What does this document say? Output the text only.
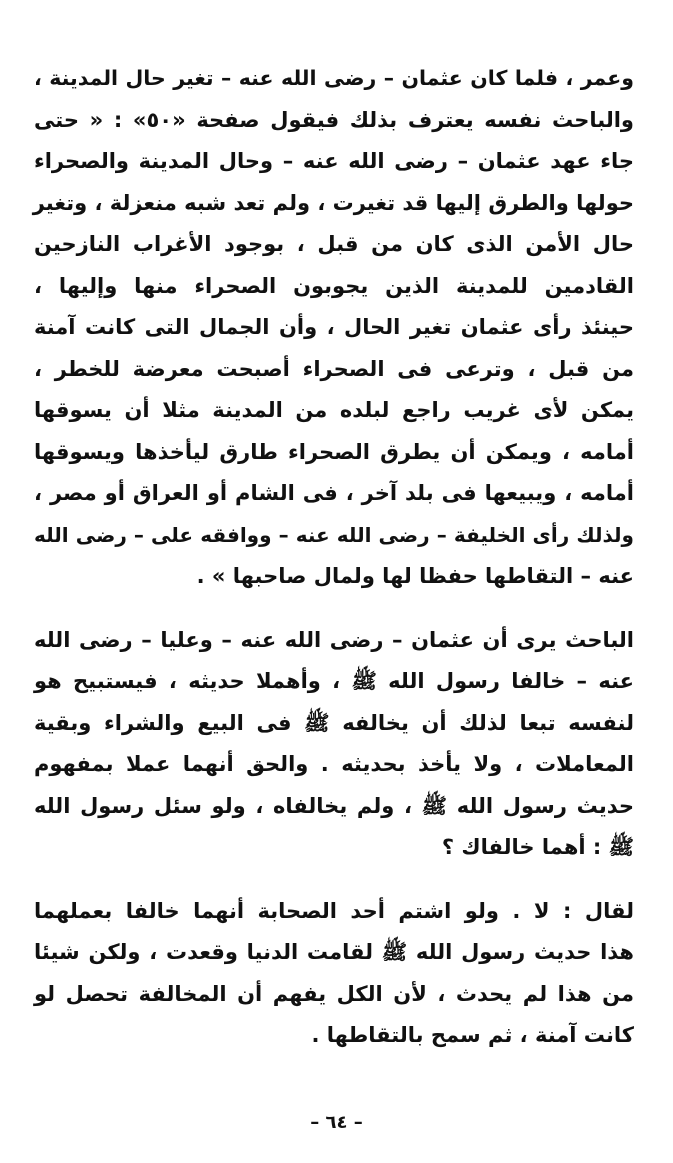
وعمر ، فلما كان عثمان – رضى الله عنه – تغير حال المدينة ،
والباحث نفسه يعترف بذلك فيقول صفحة «٥٠» : « حتى
جاء عهد عثمان – رضى الله عنه – وحال المدينة والصحراء
حولها والطرق إليها قد تغيرت ، ولم تعد شبه منعزلة ، وتغير
حال الأمن الذى كان من قبل ، بوجود الأغراب النازحين
القادمين للمدينة الذين يجوبون الصحراء منها وإليها ،
حينئذ رأى عثمان تغير الحال ، وأن الجمال التى كانت آمنة
من قبل ، وترعى فى الصحراء أصبحت معرضة للخطر ،
يمكن لأى غريب راجع لبلده من المدينة مثلا أن يسوقها
أمامه ، ويمكن أن يطرق الصحراء طارق ليأخذها ويسوقها
أمامه ، ويبيعها فى بلد آخر ، فى الشام أو العراق أو مصر ،
ولذلك رأى الخليفة – رضى الله عنه – ووافقه على – رضى الله
عنه – التقاطها حفظا لها ولمال صاحبها » .
الباحث يرى أن عثمان – رضى الله عنه – وعليا – رضى الله
عنه – خالفا رسول الله ﷺ ، وأهملا حديثه ، فيستبيح هو
لنفسه تبعا لذلك أن يخالفه ﷺ فى البيع والشراء وبقية
المعاملات ، ولا يأخذ بحديثه . والحق أنهما عملا بمفهوم
حديث رسول الله ﷺ ، ولم يخالفاه ، ولو سئل رسول الله
ﷺ : أهما خالفاك ؟
لقال : لا . ولو اشتم أحد الصحابة أنهما خالفا بعملهما
هذا حديث رسول الله ﷺ لقامت الدنيا وقعدت ، ولكن شيئا
من هذا لم يحدث ، لأن الكل يفهم أن المخالفة تحصل لو
كانت آمنة ، ثم سمح بالتقاطها .
– ٦٤ –
